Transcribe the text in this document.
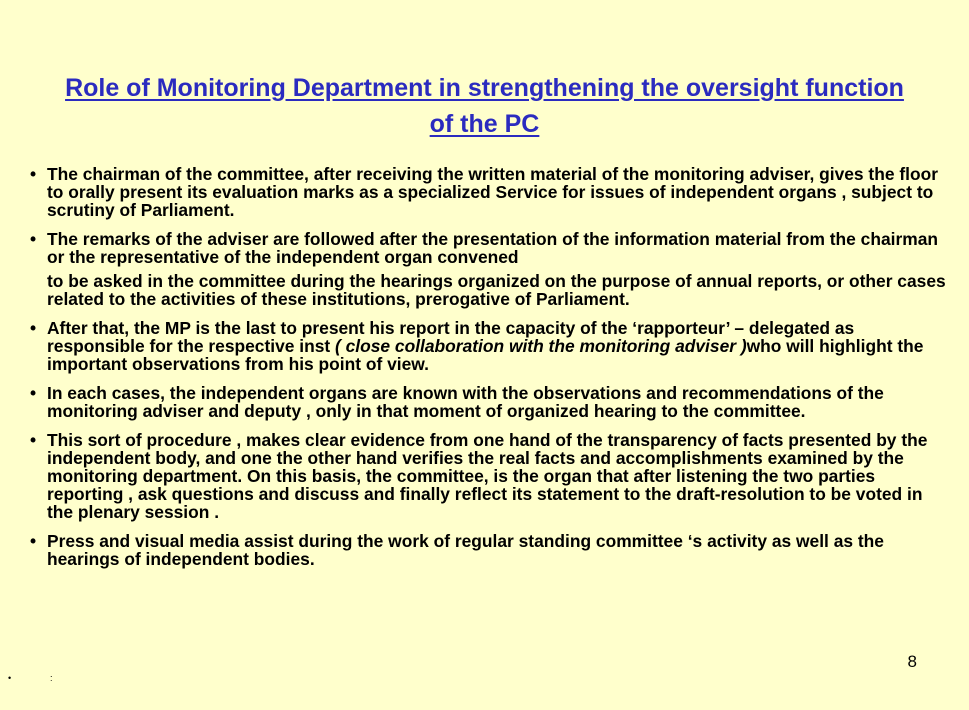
Role of Monitoring Department in strengthening the oversight function of the PC
• The chairman of the committee, after receiving the written material of the monitoring adviser, gives the floor to orally present its evaluation marks as a specialized Service for issues of independent organs , subject to scrutiny of Parliament.
• The remarks of the adviser are followed after the presentation of the information material from the chairman or the representative of the independent organ convened
to be asked in the committee during the hearings organized on the purpose of annual reports, or other cases related to the activities of these institutions, prerogative of Parliament.
• After that, the MP is the last to present his report in the capacity of the ‘rapporteur’ – delegated as responsible for the respective inst ( close collaboration with the monitoring adviser )who will highlight the important observations from his point of view.
• In each cases, the independent organs are known with the observations and recommendations of the monitoring adviser and deputy , only in that moment of organized hearing to the committee.
• This sort of procedure , makes clear evidence from one hand of the transparency of facts presented by the independent body, and one the other hand verifies the real facts and accomplishments examined by the monitoring department. On this basis, the committee, is the organ that after listening the two parties reporting , ask questions and discuss and finally reflect its statement to the draft-resolution to be voted in the plenary session .
• Press and visual media assist during the work of regular standing committee ‘s activity as well as the hearings of independent bodies.
8
•	:
